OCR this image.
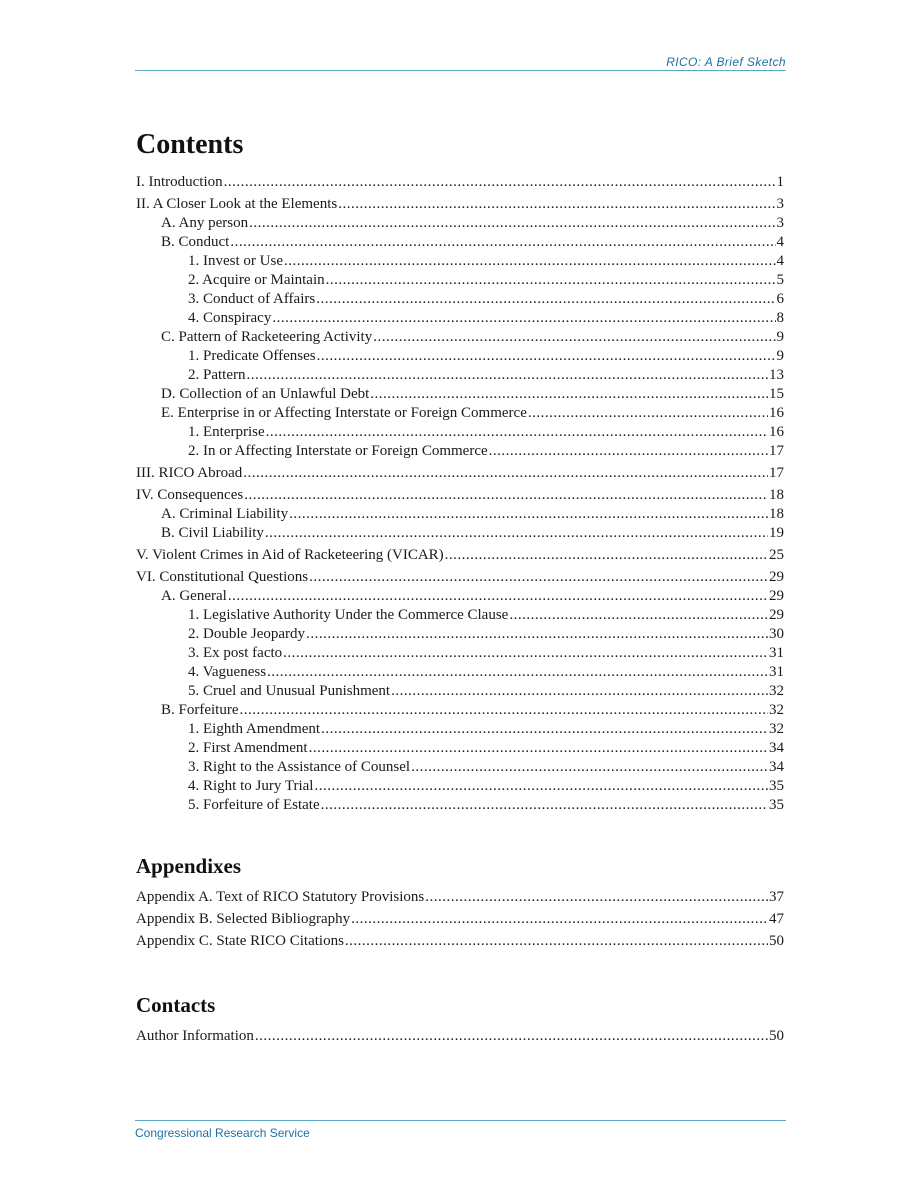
RICO: A Brief Sketch
Contents
I. Introduction .....	1
II. A Closer Look at the Elements .....	3
A. Any person .....	3
B. Conduct .....	4
1. Invest or Use .....	4
2. Acquire or Maintain .....	5
3. Conduct of Affairs .....	6
4. Conspiracy .....	8
C. Pattern of Racketeering Activity .....	9
1. Predicate Offenses .....	9
2. Pattern .....	13
D. Collection of an Unlawful Debt .....	15
E. Enterprise in or Affecting Interstate or Foreign Commerce .....	16
1. Enterprise .....	16
2. In or Affecting Interstate or Foreign Commerce .....	17
III. RICO Abroad .....	17
IV. Consequences .....	18
A. Criminal Liability .....	18
B. Civil Liability .....	19
V. Violent Crimes in Aid of Racketeering (VICAR) .....	25
VI. Constitutional Questions .....	29
A. General .....	29
1. Legislative Authority Under the Commerce Clause .....	29
2. Double Jeopardy .....	30
3. Ex post facto .....	31
4. Vagueness .....	31
5. Cruel and Unusual Punishment .....	32
B. Forfeiture .....	32
1. Eighth Amendment .....	32
2. First Amendment .....	34
3. Right to the Assistance of Counsel .....	34
4. Right to Jury Trial .....	35
5. Forfeiture of Estate .....	35
Appendixes
Appendix A. Text of RICO Statutory Provisions .....	37
Appendix B. Selected Bibliography .....	47
Appendix C. State RICO Citations .....	50
Contacts
Author Information .....	50
Congressional Research Service
